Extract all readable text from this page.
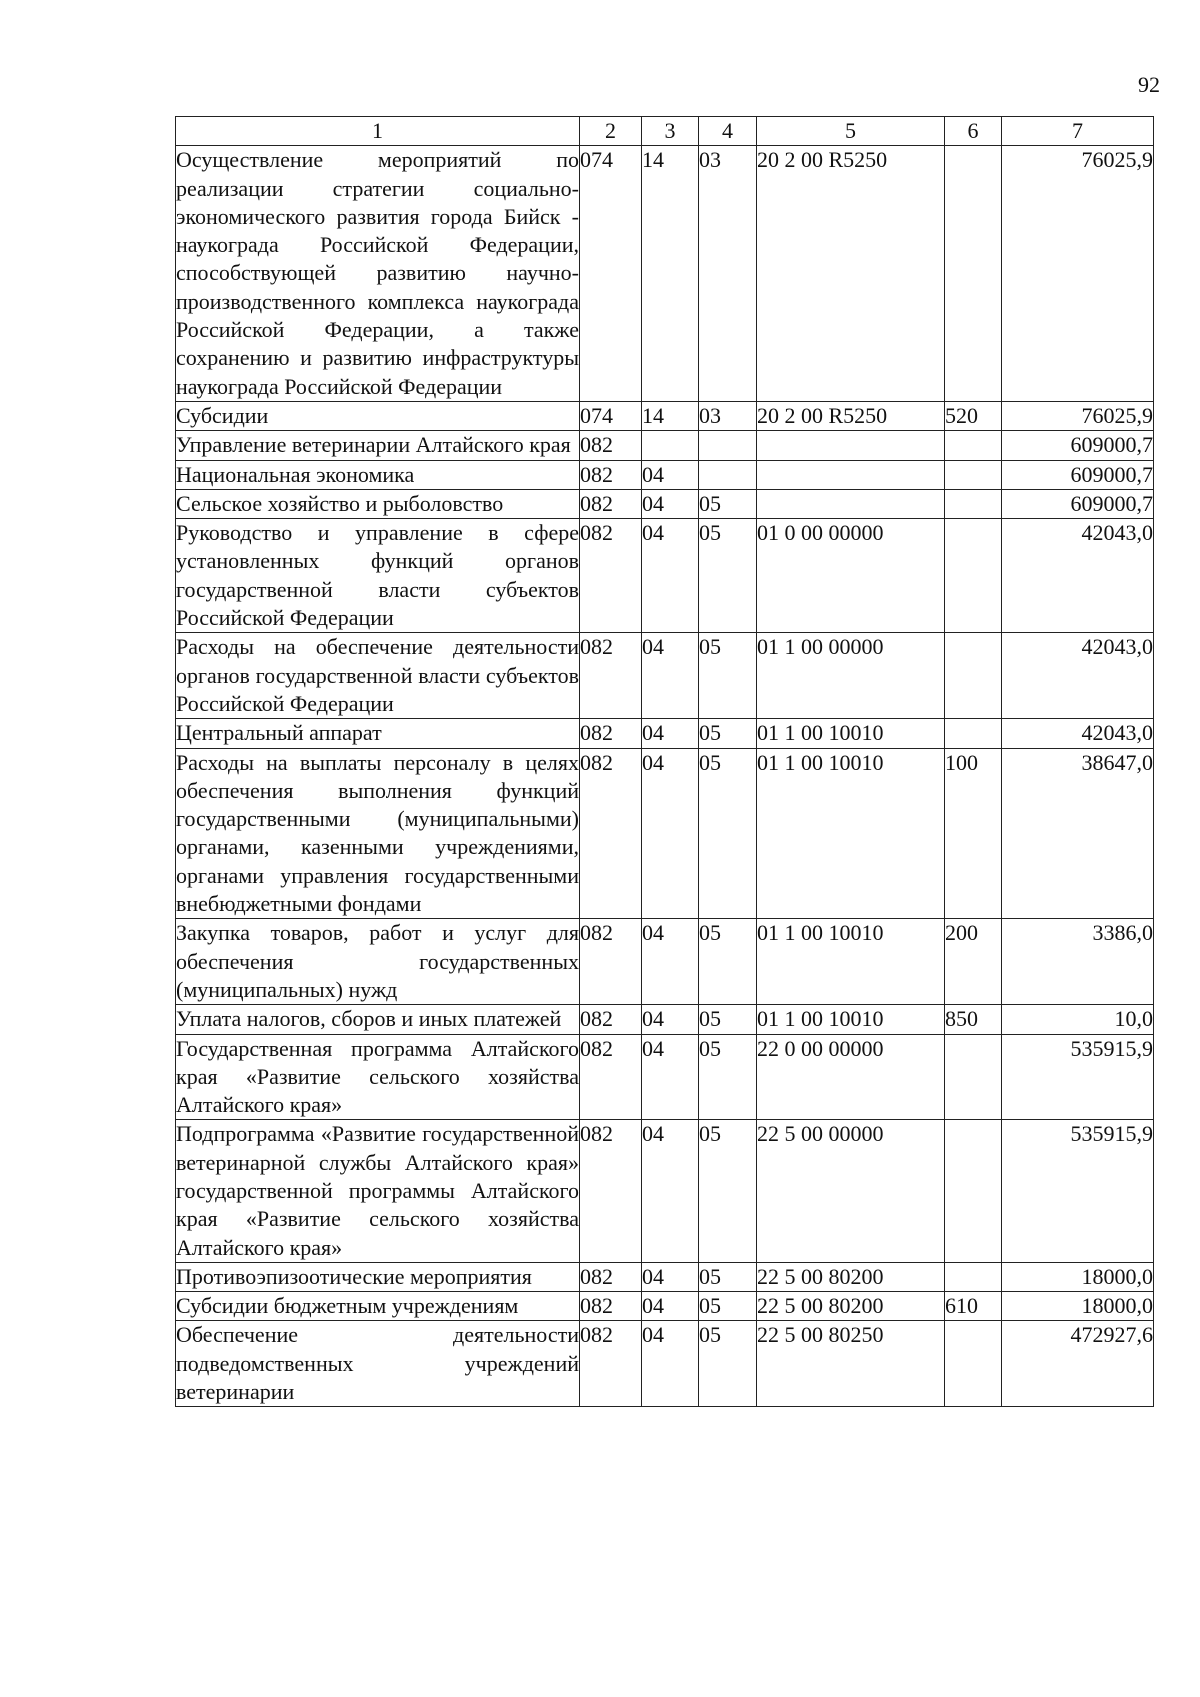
92
1	2	3	4	5	6	7
Осуществление мероприятий по реализации стратегии социально-экономического развития города Бийск - наукограда Российской Федерации, способствующей развитию научно-производственного комплекса наукограда Российской Федерации, а также сохранению и развитию инфраструктуры наукограда Российской Федерации	074	14	03	20 2 00 R5250		76025,9
Субсидии	074	14	03	20 2 00 R5250	520	76025,9
Управление ветеринарии Алтайского края	082					609000,7
Национальная экономика	082	04				609000,7
Сельское хозяйство и рыболовство	082	04	05			609000,7
Руководство и управление в сфере установленных функций органов государственной власти субъектов Российской Федерации	082	04	05	01 0 00 00000		42043,0
Расходы на обеспечение деятельности органов государственной власти субъектов Российской Федерации	082	04	05	01 1 00 00000		42043,0
Центральный аппарат	082	04	05	01 1 00 10010		42043,0
Расходы на выплаты персоналу в целях обеспечения выполнения функций государственными (муниципальными) органами, казенными учреждениями, органами управления государственными внебюджетными фондами	082	04	05	01 1 00 10010	100	38647,0
Закупка товаров, работ и услуг для обеспечения государственных (муниципальных) нужд	082	04	05	01 1 00 10010	200	3386,0
Уплата налогов, сборов и иных платежей	082	04	05	01 1 00 10010	850	10,0
Государственная программа Алтайского края «Развитие сельского хозяйства Алтайского края»	082	04	05	22 0 00 00000		535915,9
Подпрограмма «Развитие государственной ветеринарной службы Алтайского края» государственной программы Алтайского края «Развитие сельского хозяйства Алтайского края»	082	04	05	22 5 00 00000		535915,9
Противоэпизоотические мероприятия	082	04	05	22 5 00 80200		18000,0
Субсидии бюджетным учреждениям	082	04	05	22 5 00 80200	610	18000,0
Обеспечение деятельности подведомственных учреждений ветеринарии	082	04	05	22 5 00 80250		472927,6
